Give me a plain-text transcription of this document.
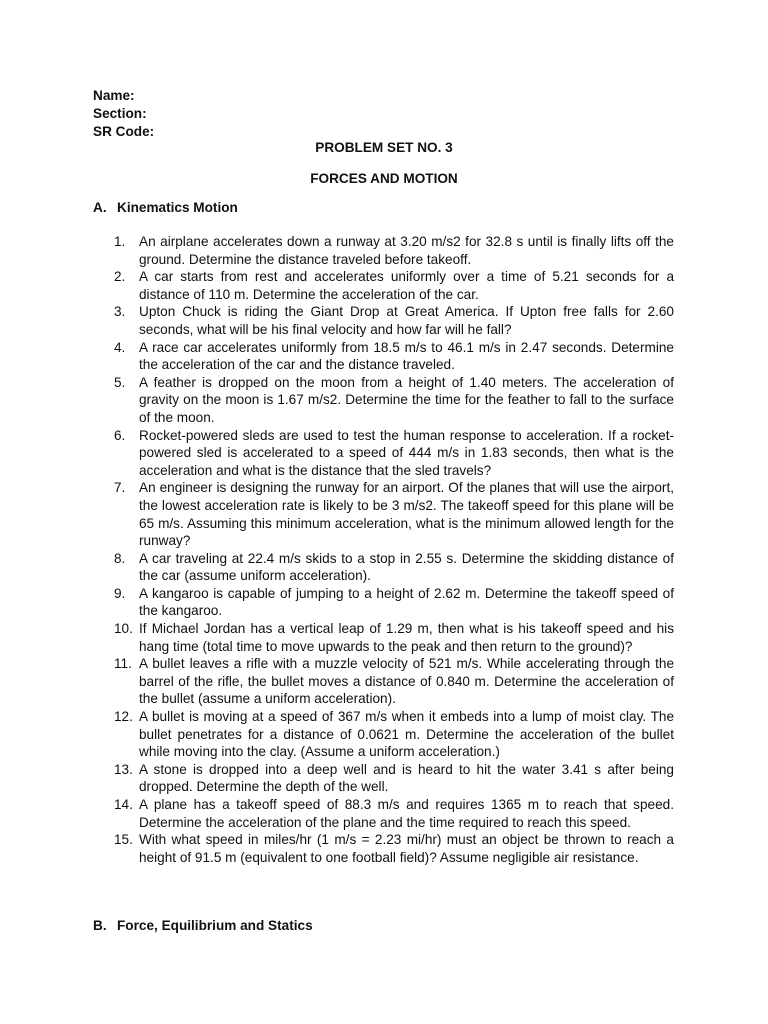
Name:
Section:
SR Code:
PROBLEM SET NO. 3
FORCES AND MOTION
A. Kinematics Motion
1.	An airplane accelerates down a runway at 3.20 m/s2 for 32.8 s until is finally lifts off the ground. Determine the distance traveled before takeoff.
2.	A car starts from rest and accelerates uniformly over a time of 5.21 seconds for a distance of 110 m. Determine the acceleration of the car.
3.	Upton Chuck is riding the Giant Drop at Great America. If Upton free falls for 2.60 seconds, what will be his final velocity and how far will he fall?
4.	A race car accelerates uniformly from 18.5 m/s to 46.1 m/s in 2.47 seconds. Determine the acceleration of the car and the distance traveled.
5.	A feather is dropped on the moon from a height of 1.40 meters. The acceleration of gravity on the moon is 1.67 m/s2. Determine the time for the feather to fall to the surface of the moon.
6.	Rocket-powered sleds are used to test the human response to acceleration. If a rocket-powered sled is accelerated to a speed of 444 m/s in 1.83 seconds, then what is the acceleration and what is the distance that the sled travels?
7.	An engineer is designing the runway for an airport. Of the planes that will use the airport, the lowest acceleration rate is likely to be 3 m/s2. The takeoff speed for this plane will be 65 m/s. Assuming this minimum acceleration, what is the minimum allowed length for the runway?
8.	A car traveling at 22.4 m/s skids to a stop in 2.55 s. Determine the skidding distance of the car (assume uniform acceleration).
9.	A kangaroo is capable of jumping to a height of 2.62 m. Determine the takeoff speed of the kangaroo.
10. If Michael Jordan has a vertical leap of 1.29 m, then what is his takeoff speed and his hang time (total time to move upwards to the peak and then return to the ground)?
11. A bullet leaves a rifle with a muzzle velocity of 521 m/s. While accelerating through the barrel of the rifle, the bullet moves a distance of 0.840 m. Determine the acceleration of the bullet (assume a uniform acceleration).
12. A bullet is moving at a speed of 367 m/s when it embeds into a lump of moist clay. The bullet penetrates for a distance of 0.0621 m. Determine the acceleration of the bullet while moving into the clay. (Assume a uniform acceleration.)
13. A stone is dropped into a deep well and is heard to hit the water 3.41 s after being dropped. Determine the depth of the well.
14. A plane has a takeoff speed of 88.3 m/s and requires 1365 m to reach that speed. Determine the acceleration of the plane and the time required to reach this speed.
15. With what speed in miles/hr (1 m/s = 2.23 mi/hr) must an object be thrown to reach a height of 91.5 m (equivalent to one football field)? Assume negligible air resistance.
B. Force, Equilibrium and Statics
